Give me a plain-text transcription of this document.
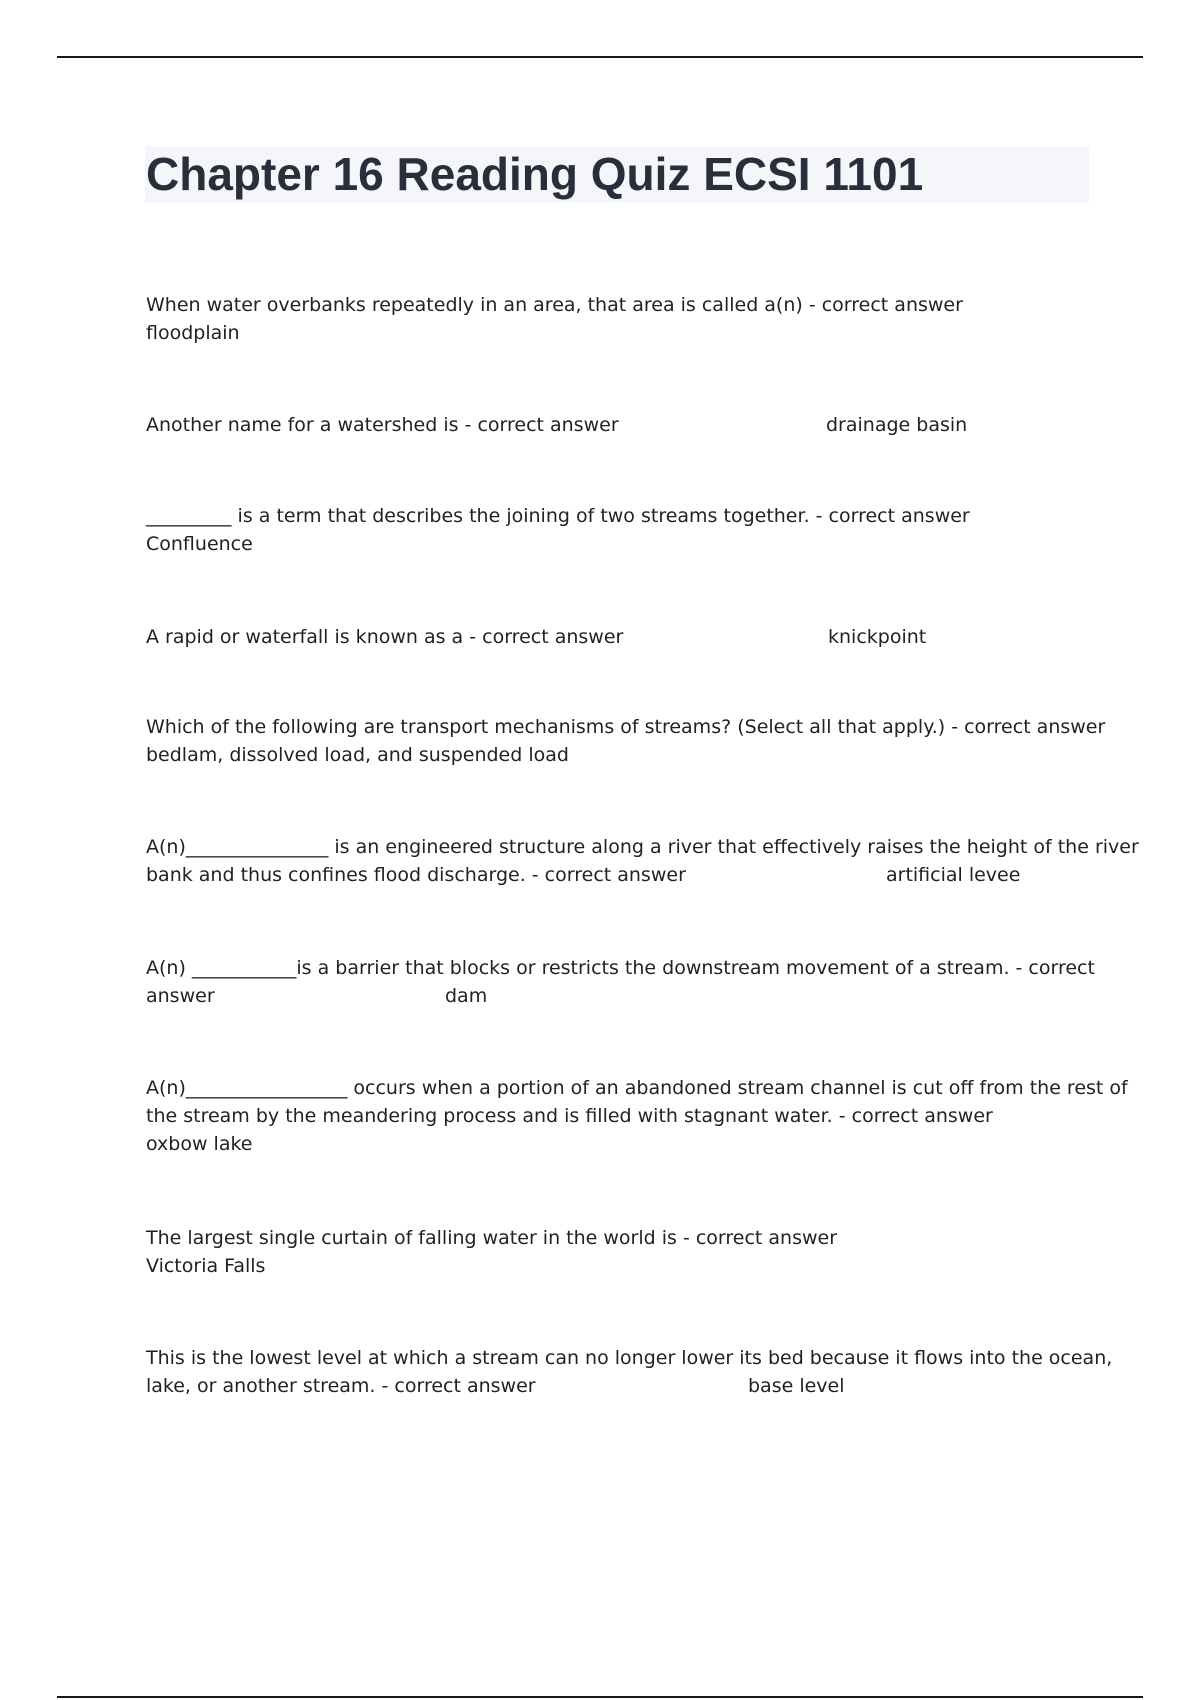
Chapter 16 Reading Quiz ECSI 1101
When water overbanks repeatedly in an area, that area is called a(n) - correct answer
floodplain
Another name for a watershed is - correct answer	drainage basin
_________ is a term that describes the joining of two streams together. - correct answer
Confluence
A rapid or waterfall is known as a - correct answer	knickpoint
Which of the following are transport mechanisms of streams? (Select all that apply.) - correct answer
bedlam, dissolved load, and suspended load
A(n)_______________ is an engineered structure along a river that effectively raises the height of the river
bank and thus confines flood discharge. - correct answer	artificial levee
A(n) ___________is a barrier that blocks or restricts the downstream movement of a stream. - correct
answer	dam
A(n)_________________ occurs when a portion of an abandoned stream channel is cut off from the rest of
the stream by the meandering process and is filled with stagnant water. - correct answer
oxbow lake
The largest single curtain of falling water in the world is - correct answer
Victoria Falls
This is the lowest level at which a stream can no longer lower its bed because it flows into the ocean,
lake, or another stream. - correct answer	base level
